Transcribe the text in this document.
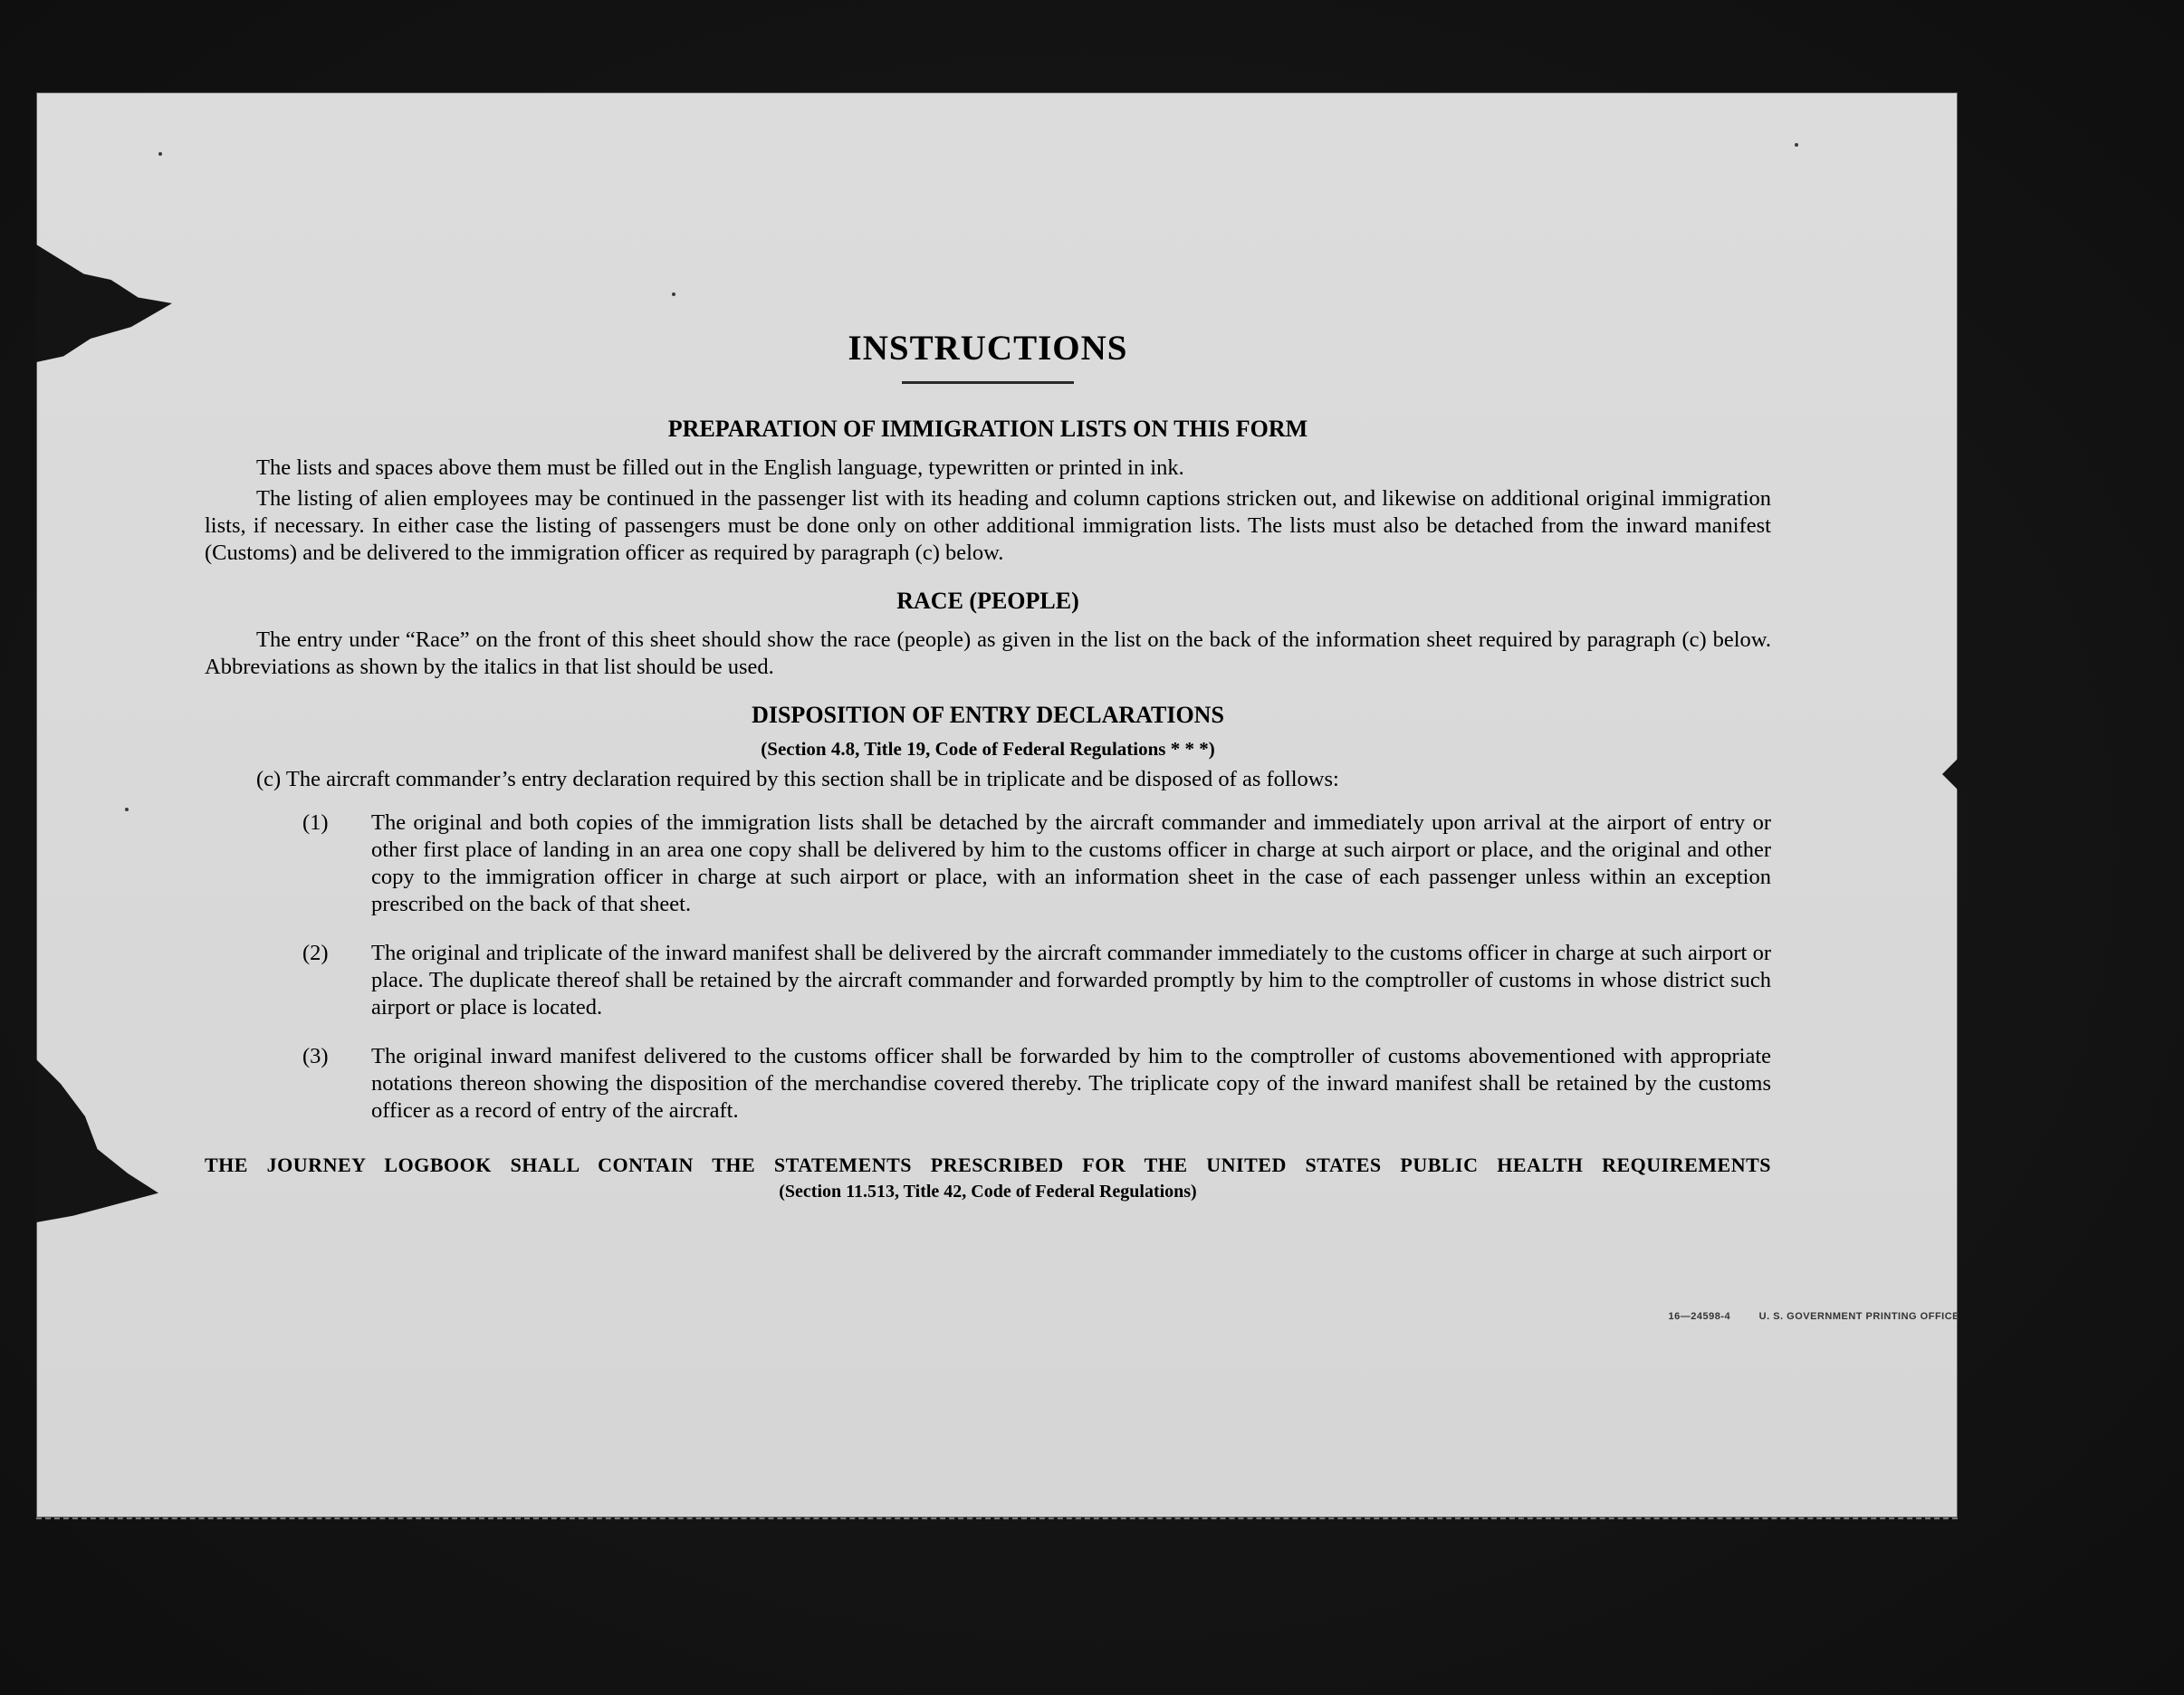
INSTRUCTIONS
PREPARATION OF IMMIGRATION LISTS ON THIS FORM

The lists and spaces above them must be filled out in the English language, typewritten or printed in ink.

The listing of alien employees may be continued in the passenger list with its heading and column captions stricken out, and likewise on additional original immigration lists, if necessary. In either case the listing of passengers must be done only on other additional immigration lists. The lists must also be detached from the inward manifest (Customs) and be delivered to the immigration officer as required by paragraph (c) below.

RACE (PEOPLE)

The entry under “Race” on the front of this sheet should show the race (people) as given in the list on the back of the information sheet required by paragraph (c) below. Abbreviations as shown by the italics in that list should be used.

DISPOSITION OF ENTRY DECLARATIONS

(Section 4.8, Title 19, Code of Federal Regulations * * *)

(c) The aircraft commander’s entry declaration required by this section shall be in triplicate and be disposed of as follows:

(1)	The original and both copies of the immigration lists shall be detached by the aircraft commander and immediately upon arrival at the airport of entry or other first place of landing in an area one copy shall be delivered by him to the customs officer in charge at such airport or place, and the original and other copy to the immigration officer in charge at such airport or place, with an information sheet in the case of each passenger unless within an exception prescribed on the back of that sheet.
(2)	The original and triplicate of the inward manifest shall be delivered by the aircraft commander immediately to the customs officer in charge at such airport or place. The duplicate thereof shall be retained by the aircraft commander and forwarded promptly by him to the comptroller of customs in whose district such airport or place is located.
(3)	The original inward manifest delivered to the customs officer shall be forwarded by him to the comptroller of customs abovementioned with appropriate notations thereon showing the disposition of the merchandise covered thereby. The triplicate copy of the inward manifest shall be retained by the customs officer as a record of entry of the aircraft.

THE JOURNEY LOGBOOK SHALL CONTAIN THE STATEMENTS PRESCRIBED FOR THE UNITED STATES PUBLIC HEALTH REQUIREMENTS

(Section 11.513, Title 42, Code of Federal Regulations)

16—24598-4	U. S. GOVERNMENT PRINTING OFFICE
